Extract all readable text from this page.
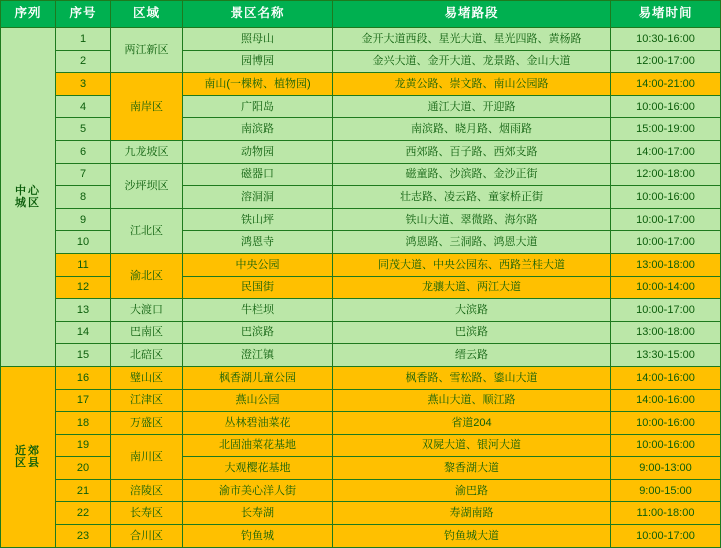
序列	序号	区域	景区名称	易堵路段	易堵时间

中心
城区	1	两江新区	照母山	金开大道西段、星光大道、星光四路、黄杨路	10:30-16:00
	2		园博园	金兴大道、金开大道、龙景路、金山大道	12:00-17:00
	3	南岸区	南山(一棵树、植物园)	龙黄公路、崇文路、南山公园路	14:00-21:00
	4		广阳岛	通江大道、开迎路	10:00-16:00
	5		南滨路	南滨路、晓月路、烟雨路	15:00-19:00
	6	九龙坡区	动物园	西郊路、百子路、西郊支路	14:00-17:00
	7	沙坪坝区	磁器口	磁童路、沙滨路、金沙正街	12:00-18:00
	8		溶洞洞	壮志路、凌云路、童家桥正街	10:00-16:00
	9	江北区	铁山坪	铁山大道、翠微路、海尔路	10:00-17:00
	10		鸿恩寺	鸿恩路、三洞路、鸿恩大道	10:00-17:00
	11	渝北区	中央公园	同茂大道、中央公园东、西路兰桂大道	13:00-18:00
	12		民国街	龙骧大道、两江大道	10:00-14:00
	13	大渡口	牛栏坝	大滨路	10:00-17:00
	14	巴南区	巴滨路	巴滨路	13:00-18:00
	15	北碚区	澄江镇	缙云路	13:30-15:00

近郊
区县	16	璧山区	枫香湖儿童公园	枫香路、雪松路、鎏山大道	14:00-16:00
	17	江津区	燕山公园	燕山大道、顺江路	14:00-16:00
	18	万盛区	丛林碧油菜花	省道204	10:00-16:00
	19	南川区	北固油菜花基地	双屍大道、银河大道	10:00-16:00
	20		大观樱花基地	黎香湖大道	9:00-13:00
	21	涪陵区	渝市美心洋人街	渝巴路	9:00-15:00
	22	长寿区	长寿湖	寿湖南路	11:00-18:00
	23	合川区	钓鱼城	钓鱼城大道	10:00-17:00
